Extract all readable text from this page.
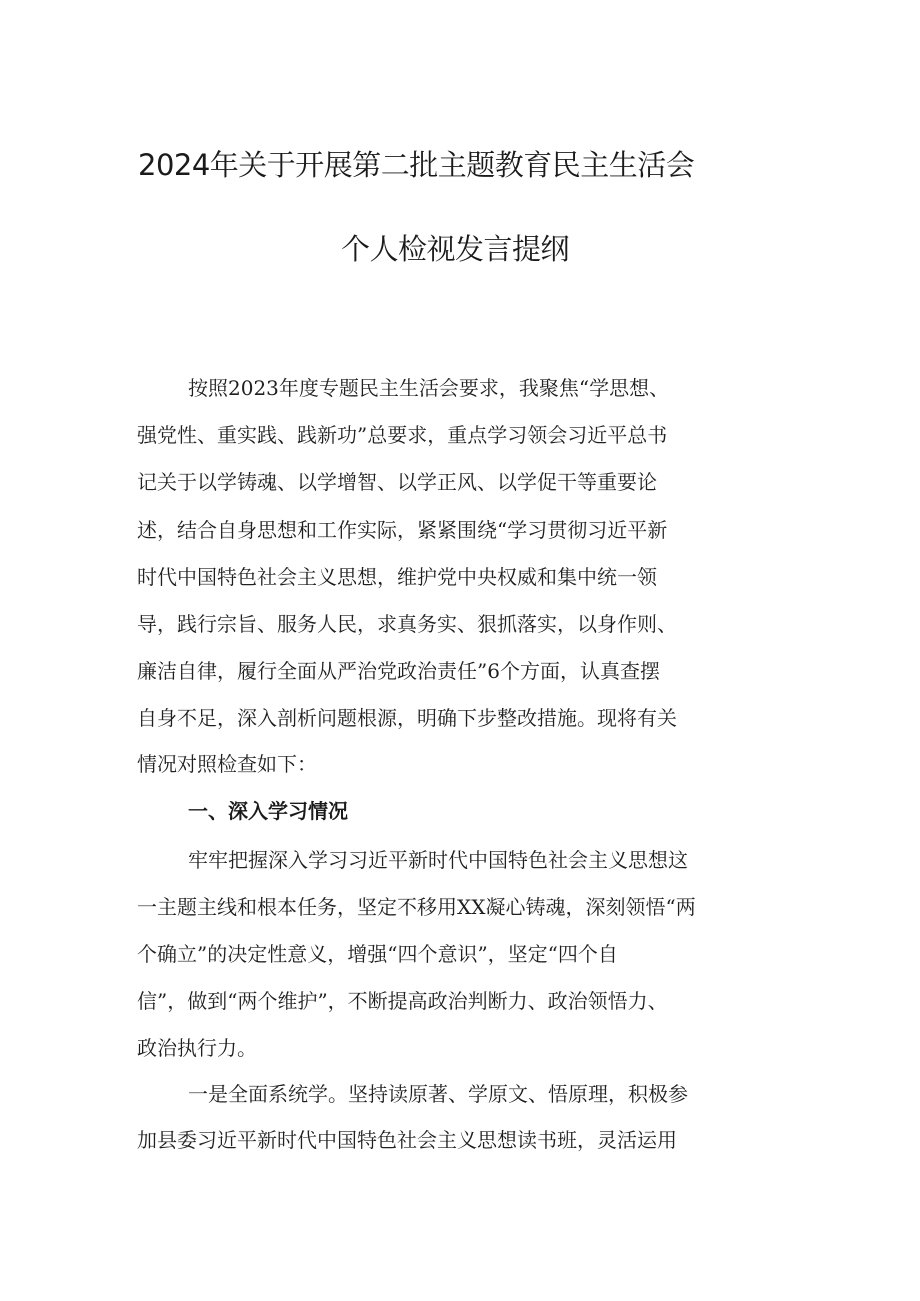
2024年关于开展第二批主题教育民主生活会
个人检视发言提纲
按照2023年度专题民主生活会要求，我聚焦“学思想、
强党性、重实践、践新功”总要求，重点学习领会习近平总书
记关于以学铸魂、以学增智、以学正风、以学促干等重要论
述，结合自身思想和工作实际，紧紧围绕“学习贯彻习近平新
时代中国特色社会主义思想，维护党中央权威和集中统一领
导，践行宗旨、服务人民，求真务实、狠抓落实，以身作则、
廉洁自律，履行全面从严治党政治责任”6个方面，认真查摆
自身不足，深入剖析问题根源，明确下步整改措施。现将有关
情况对照检查如下：
一、深入学习情况
牢牢把握深入学习习近平新时代中国特色社会主义思想这
一主题主线和根本任务，坚定不移用XX凝心铸魂，深刻领悟“两
个确立”的决定性意义，增强“四个意识”，坚定“四个自
信”，做到“两个维护”，不断提高政治判断力、政治领悟力、
政治执行力。
一是全面系统学。坚持读原著、学原文、悟原理，积极参
加县委习近平新时代中国特色社会主义思想读书班，灵活运用
